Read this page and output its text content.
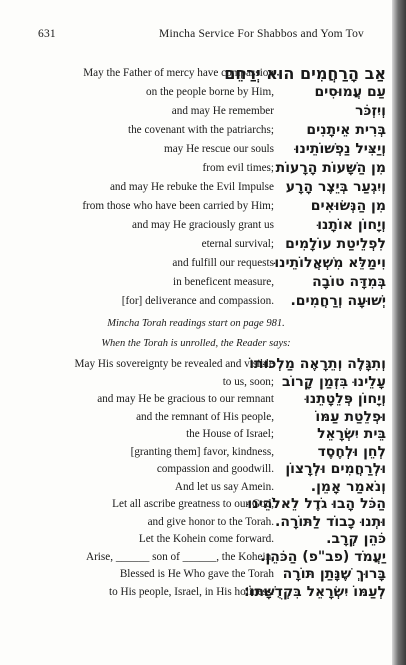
631	Mincha Service For Shabbos and Yom Tov
May the Father of mercy have compassion
אַב הָרַחֲמִים הוּא יְרַחֵם
on the people borne by Him,	עַם עֲמוּסִים
and may He remember	וְיִזְכֹּר
the covenant with the patriarchs;	בְּרִית אֵיתָנִים
may He rescue our souls	וְיַצִּיל נַפְשׁוֹתֵינוּ
from evil times; מִן הַשָּׁעוֹת הָרָעוֹת
and may He rebuke the Evil Impulse וְיִגְעַר בְּיֵצֶר הָרָע
from those who have been carried by Him;	מִן הַנְּשׂוּאִים
and may He graciously grant us	וְיָחוֹן אוֹתָנוּ
eternal survival; לִפְלֵיטַת עוֹלָמִים
and fulfill our requests וִימַלֵּא מִשְׁאֲלוֹתֵינוּ
in beneficent measure,	בְּמִדָּה טוֹבָה
[for] deliverance and compassion.	יְשׁוּעָה וְרַחֲמִים.
Mincha Torah readings start on page 981.
When the Torah is unrolled, the Reader says:
May His sovereignty be revealed and visible
וְתִגָּלֶה וְתֵרָאֶה מַלְכוּתוֹ
to us, soon; עָלֵינוּ בִּזְמַן קָרוֹב
and may He be gracious to our remnant	וְיָחוֹן פְּלֵטָתֵנוּ
and the remnant of His people,	וּפְלֵטַת עַמּוֹ
the House of Israel;	בֵּית יִשְׂרָאֵל
[granting them] favor, kindness,	לְחֵן וּלְחֶסֶד
compassion and goodwill. וּלְרַחֲמִים וּלְרָצוֹן
And let us say Amein.	וְנֹאמַר אָמֵן.
Let all ascribe greatness to our God,
הַכֹּל הָבוּ גֹדֶל לֵאלֹהֵינוּ
and give honor to the Torah. וּתְנוּ כָבוֹד לַתּוֹרָה.
Let the Kohein come forward.	כֹּהֵן קְרָב.
Arise, ______ son of ______, the Kohein,
יַעֲמֹד (פב"פ) הַכֹּהֵן.
Blessed is He Who gave the Torah בָּרוּךְ שֶׁנָּתַן תּוֹרָה
to His people, Israel, in His holiness.
לְעַמּוֹ יִשְׂרָאֵל בִּקְדֻשָּׁתוֹ:
